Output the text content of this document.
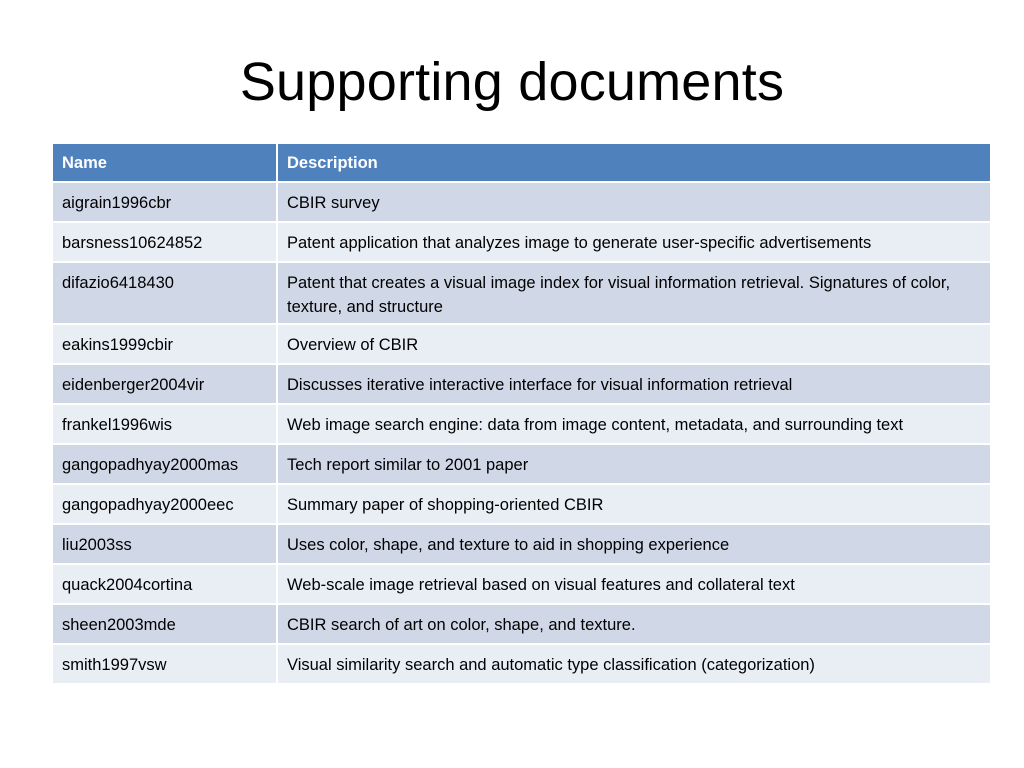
Supporting documents
Name	Description
aigrain1996cbr	CBIR survey
barsness10624852	Patent application that analyzes image to generate user-specific advertisements
difazio6418430	Patent that creates a visual image index for visual information retrieval. Signatures of color, texture, and structure
eakins1999cbir	Overview of CBIR
eidenberger2004vir	Discusses iterative interactive interface for visual information retrieval
frankel1996wis	Web image search engine: data from image content, metadata, and surrounding text
gangopadhyay2000mas	Tech report similar to 2001 paper
gangopadhyay2000eec	Summary paper of shopping-oriented CBIR
liu2003ss	Uses color, shape, and texture to aid in shopping experience
quack2004cortina	Web-scale image retrieval based on visual features and collateral text
sheen2003mde	CBIR search of art on color, shape, and texture.
smith1997vsw	Visual similarity search and automatic type classification (categorization)
